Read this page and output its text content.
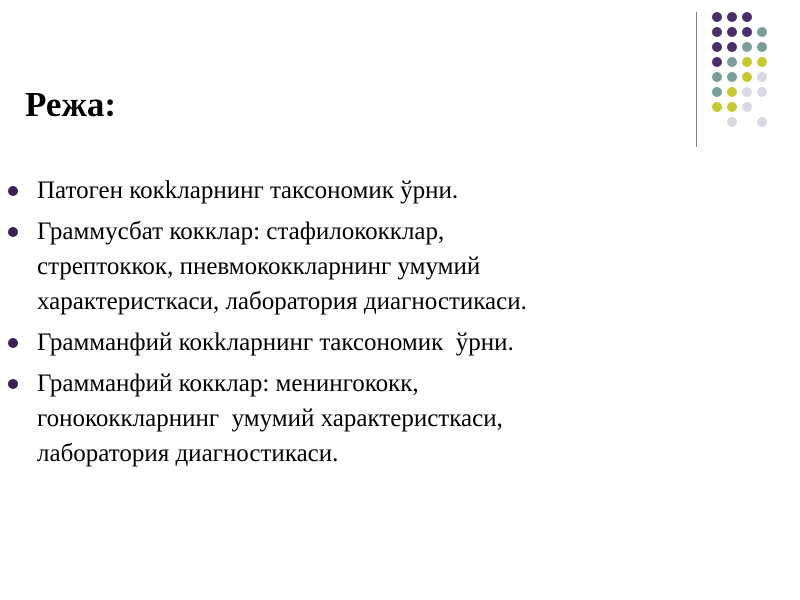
Режа:
Патоген кокkларнинг тaксономик ўрни.
Граммусбат кокклар: стафилококклар,
стрептоккок, пневмококкларнинг умумий
характеристкаси, лаборатория диагностикаси.
Грамманфий кокkларнинг тaксономик  ўрни.
Грамманфий кокклар: менингококк,
гонококкларнинг  умумий характеристкаси,
лаборатория диагностикаси.
